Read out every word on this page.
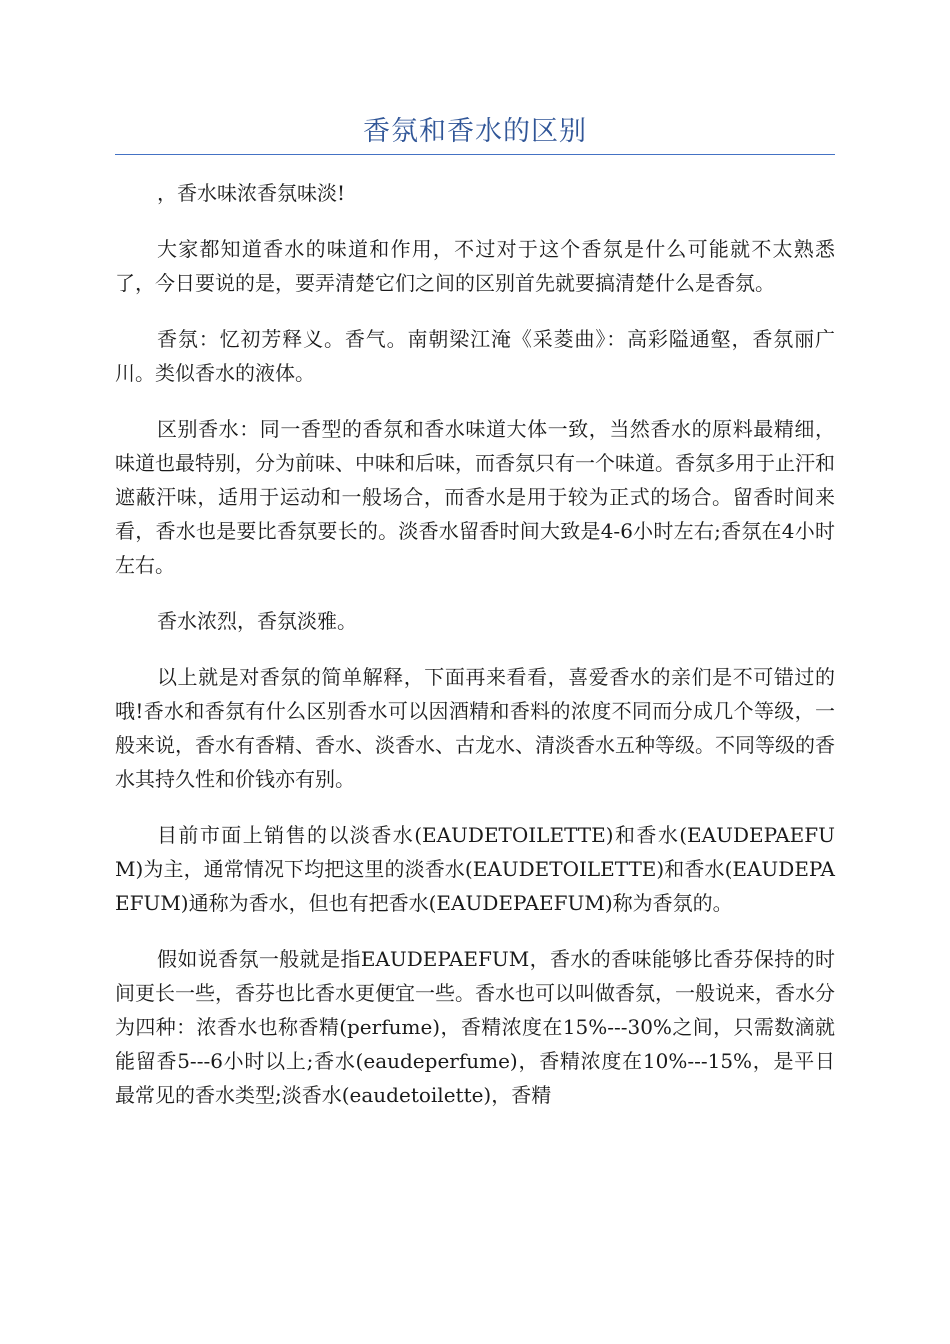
香氛和香水的区别

，香水味浓香氛味淡!

大家都知道香水的味道和作用，不过对于这个香氛是什么可能就不太熟悉了，今日要说的是，要弄清楚它们之间的区别首先就要搞清楚什么是香氛。

香氛：忆初芳释义。香气。南朝梁江淹《采菱曲》：高彩隘通壑，香氛丽广川。类似香水的液体。

区别香水：同一香型的香氛和香水味道大体一致，当然香水的原料最精细，味道也最特别，分为前味、中味和后味，而香氛只有一个味道。香氛多用于止汗和遮蔽汗味，适用于运动和一般场合，而香水是用于较为正式的场合。留香时间来看，香水也是要比香氛要长的。淡香水留香时间大致是4-6小时左右;香氛在4小时左右。

香水浓烈，香氛淡雅。

以上就是对香氛的简单解释，下面再来看看，喜爱香水的亲们是不可错过的哦!香水和香氛有什么区别香水可以因酒精和香料的浓度不同而分成几个等级，一般来说，香水有香精、香水、淡香水、古龙水、清淡香水五种等级。不同等级的香水其持久性和价钱亦有别。

目前市面上销售的以淡香水(EAUDETOILETTE)和香水(EAUDEPAEFUM)为主，通常情况下均把这里的淡香水(EAUDETOILETTE)和香水(EAUDEPAEFUM)通称为香水，但也有把香水(EAUDEPAEFUM)称为香氛的。

假如说香氛一般就是指EAUDEPAEFUM，香水的香味能够比香芬保持的时间更长一些，香芬也比香水更便宜一些。香水也可以叫做香氛，一般说来，香水分为四种：浓香水也称香精(perfume)，香精浓度在15%---30%之间，只需数滴就能留香5---6小时以上;香水(eaudeperfume)，香精浓度在10%---15%，是平日最常见的香水类型;淡香水(eaudetoilette)，香精
